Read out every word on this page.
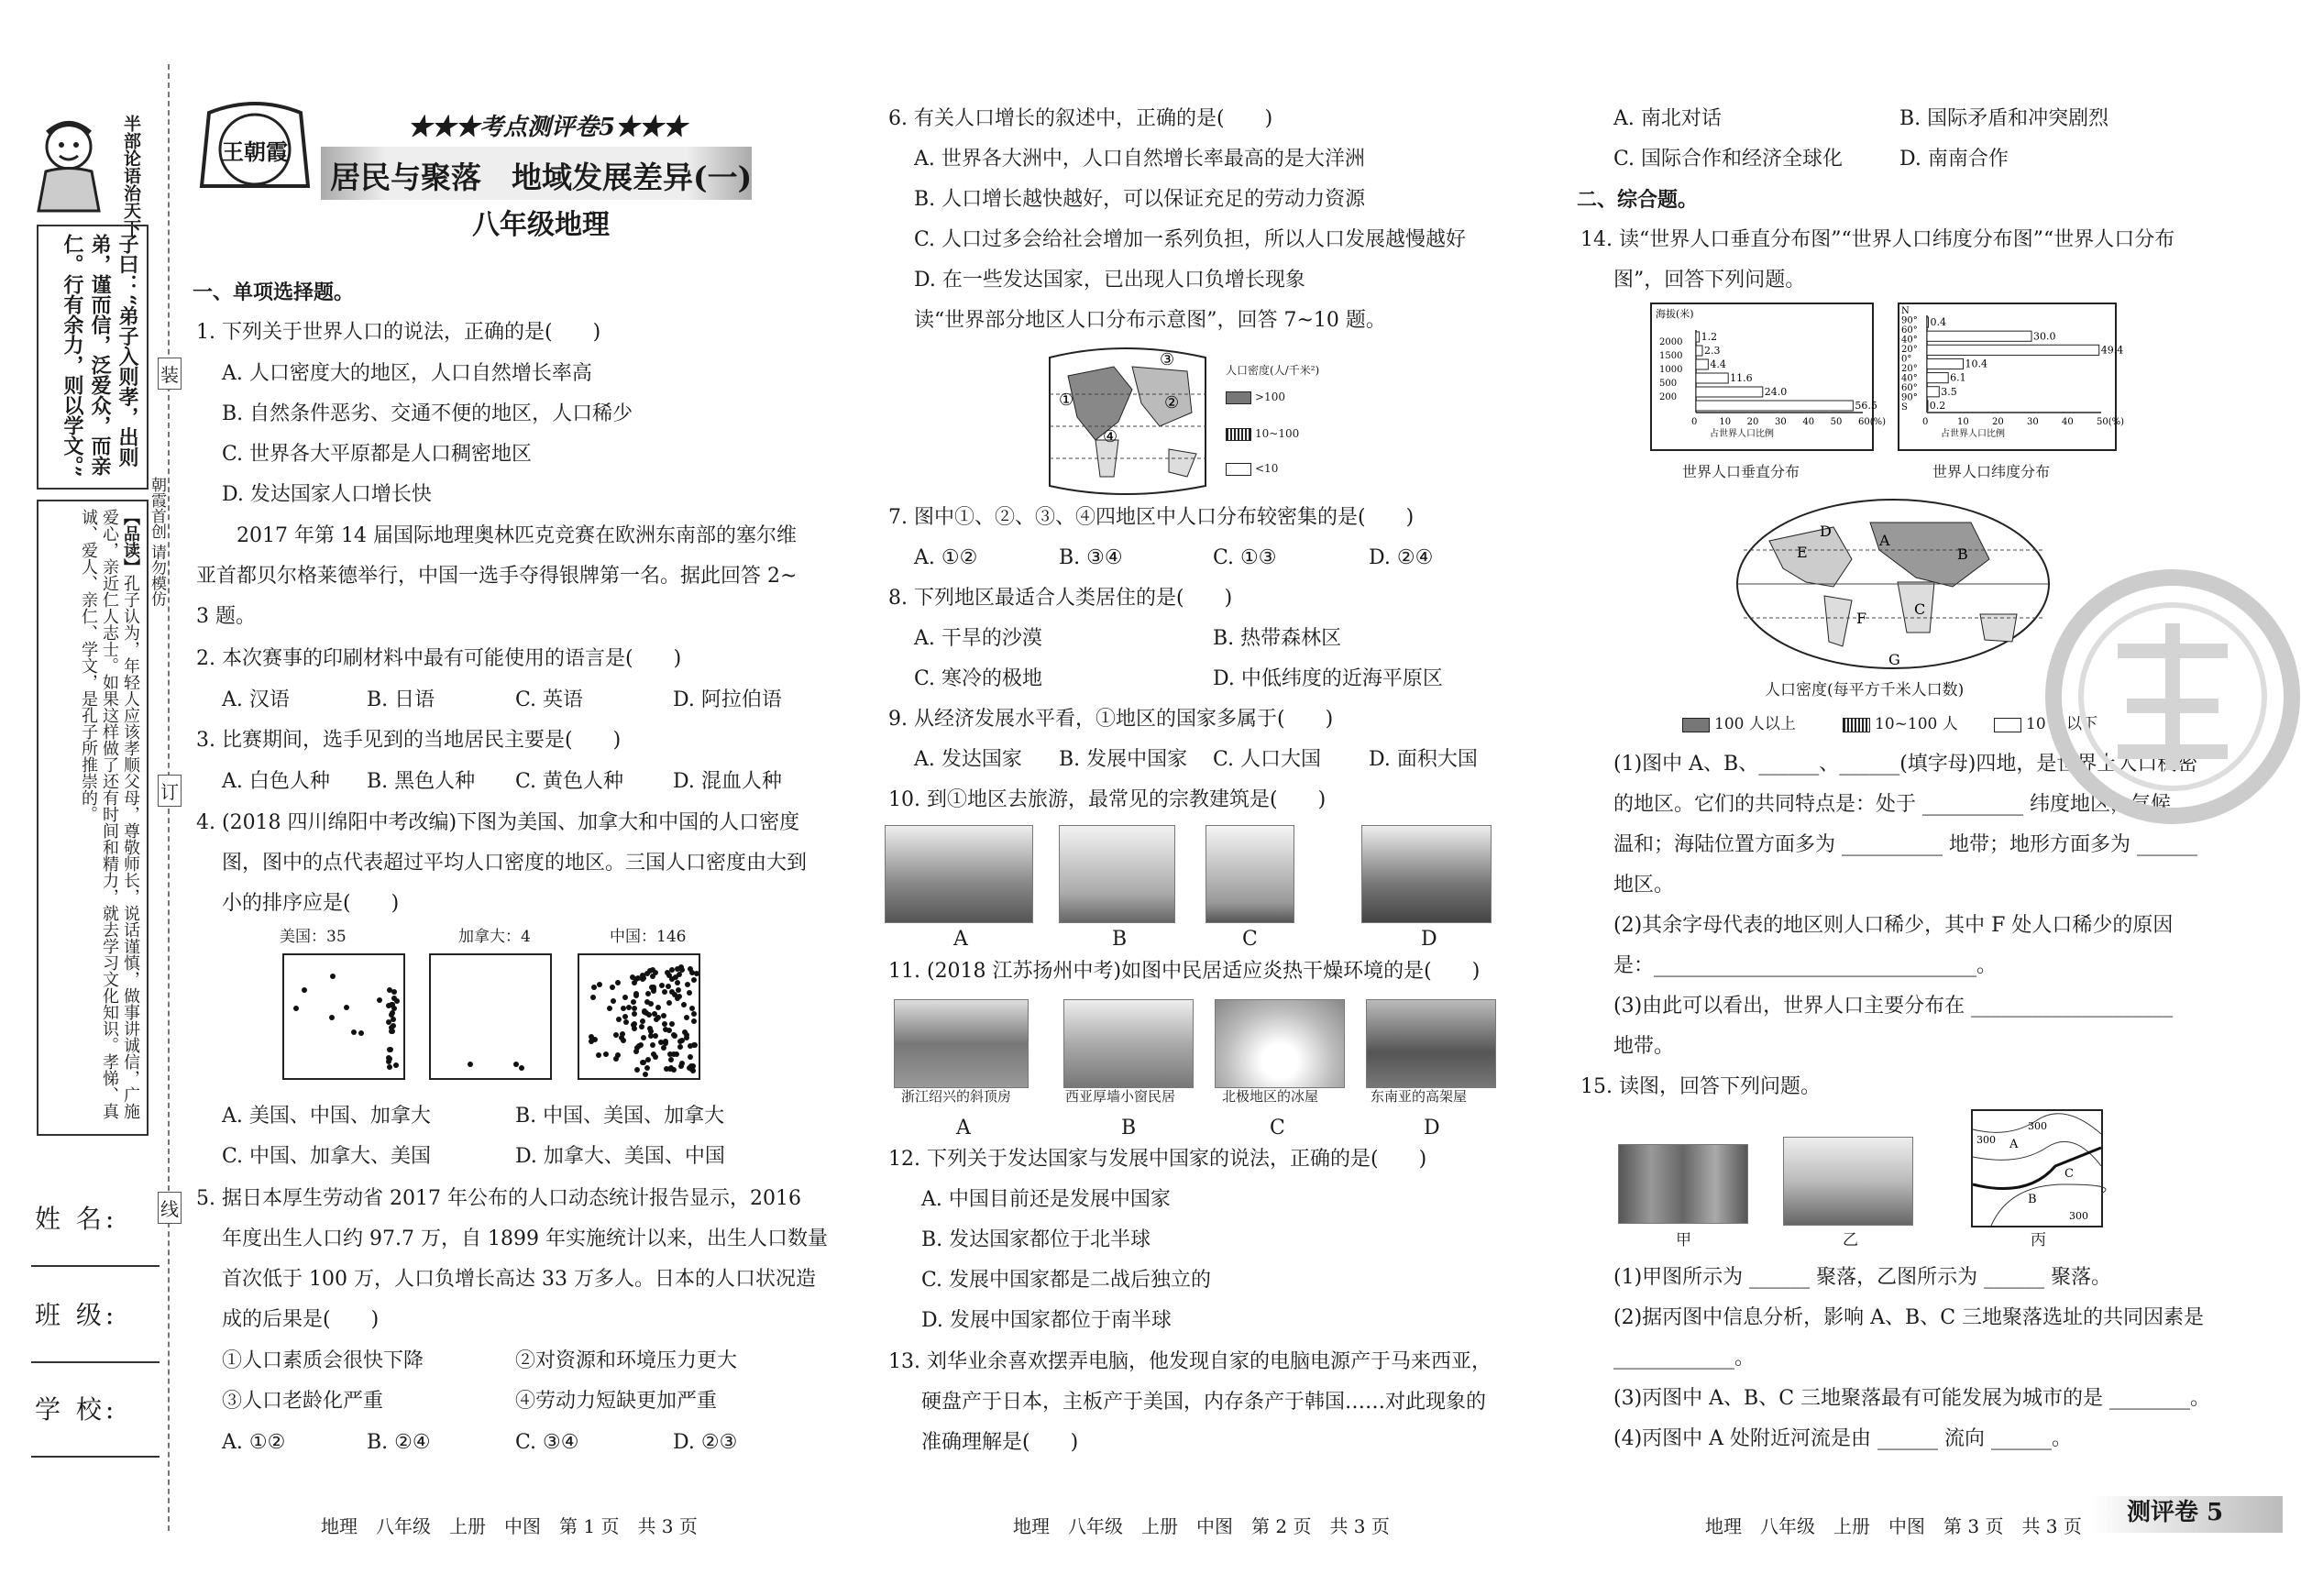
半部论语治天下
子曰：“弟子入则孝，出则弟，谨而信，泛爱众，而亲仁。行有余力，则以学文。”
【品读】孔子认为，年轻人应该孝顺父母，尊敬师长，说话谨慎，做事讲诚信，广施爱心，亲近仁人志士。如果这样做了还有时间和精力，就去学习文化知识。孝悌、真诚、爱人、亲仁、学文，是孔子所推崇的。
姓 名:
班 级:
学 校:
装
订
线
朝霞首创 请勿模仿
王朝霞
★★★考点测评卷5★★★
居民与聚落　地域发展差异(一)
八年级地理
一、单项选择题。
1. 下列关于世界人口的说法，正确的是(　　)
A. 人口密度大的地区，人口自然增长率高
B. 自然条件恶劣、交通不便的地区，人口稀少
C. 世界各大平原都是人口稠密地区
D. 发达国家人口增长快
2017 年第 14 届国际地理奥林匹克竞赛在欧洲东南部的塞尔维
亚首都贝尔格莱德举行，中国一选手夺得银牌第一名。据此回答 2~
3 题。
2. 本次赛事的印刷材料中最有可能使用的语言是(　　)
A. 汉语	B. 日语	C. 英语	D. 阿拉伯语
3. 比赛期间，选手见到的当地居民主要是(　　)
A. 白色人种 B. 黑色人种 C. 黄色人种 D. 混血人种
4. (2018 四川绵阳中考改编)下图为美国、加拿大和中国的人口密度
图，图中的点代表超过平均人口密度的地区。三国人口密度由大到
小的排序应是(　　)
美国：35	加拿大：4	中国：146
A. 美国、中国、加拿大	B. 中国、美国、加拿大
C. 中国、加拿大、美国	D. 加拿大、美国、中国
5. 据日本厚生劳动省 2017 年公布的人口动态统计报告显示，2016
年度出生人口约 97.7 万，自 1899 年实施统计以来，出生人口数量
首次低于 100 万，人口负增长高达 33 万多人。日本的人口状况造
成的后果是(　　)
①人口素质会很快下降	②对资源和环境压力更大
③人口老龄化严重	④劳动力短缺更加严重
A. ①②	B. ②④	C. ③④	D. ②③
地理　八年级　上册　中图　第 1 页　共 3 页
6. 有关人口增长的叙述中，正确的是(　　)
A. 世界各大洲中，人口自然增长率最高的是大洋洲
B. 人口增长越快越好，可以保证充足的劳动力资源
C. 人口过多会给社会增加一系列负担，所以人口发展越慢越好
D. 在一些发达国家，已出现人口负增长现象
读“世界部分地区人口分布示意图”，回答 7~10 题。
①
④
③
②
人口密度(人/千米²)
>100
10~100
<10
7. 图中①、②、③、④四地区中人口分布较密集的是(　　)
A. ①②	B. ③④	C. ①③	D. ②④
8. 下列地区最适合人类居住的是(　　)
A. 干旱的沙漠	B. 热带森林区
C. 寒冷的极地	D. 中低纬度的近海平原区
9. 从经济发展水平看，①地区的国家多属于(　　)
A. 发达国家 B. 发展中国家 C. 人口大国 D. 面积大国
10. 到①地区去旅游，最常见的宗教建筑是(　　)
A	B	C	D
11. (2018 江苏扬州中考)如图中民居适应炎热干燥环境的是(　　)
浙江绍兴的斜顶房	西亚厚墙小窗民居	北极地区的冰屋	东南亚的高架屋
A	B	C	D
12. 下列关于发达国家与发展中国家的说法，正确的是(　　)
A. 中国目前还是发展中国家
B. 发达国家都位于北半球
C. 发展中国家都是二战后独立的
D. 发展中国家都位于南半球
13. 刘华业余喜欢摆弄电脑，他发现自家的电脑电源产于马来西亚，
硬盘产于日本，主板产于美国，内存条产于韩国……对此现象的
准确理解是(　　)
地理　八年级　上册　中图　第 2 页　共 3 页
A. 南北对话	B. 国际矛盾和冲突剧烈
C. 国际合作和经济全球化	D. 南南合作
二、综合题。
14. 读“世界人口垂直分布图”“世界人口纬度分布图”“世界人口分布
图”，回答下列问题。
1.2
2.3
4.4
11.6
24.0
56.5
0 10 20 30 40 50 60(%)
2000
1500
1000
500
200
海拔(米)
占世界人口比例
世界人口垂直分布
0.4
30.0
49.4
10.4
6.1
3.5
0.2
0	10	20	30	40	50(%)
N
90°
60°
40°
20°
0°
20°
40°
60°
90°
S
占世界人口比例
世界人口纬度分布
E
A
B
D
C
F
G
人口密度(每平方千米人口数)
100 人以上	10~100 人	10 人以下
(1)图中 A、B、______、______(填字母)四地，是世界上人口稠密
的地区。它们的共同特点是：处于 __________ 纬度地区，气候
温和；海陆位置方面多为 __________ 地带；地形方面多为 ______
地区。
(2)其余字母代表的地区则人口稀少，其中 F 处人口稀少的原因
是：________________________________。
(3)由此可以看出，世界人口主要分布在 ____________________
地带。
15. 读图，回答下列问题。
300
300 A
C
B
300
甲	乙	丙
(1)甲图所示为 ______ 聚落，乙图所示为 ______ 聚落。
(2)据丙图中信息分析，影响 A、B、C 三地聚落选址的共同因素是
____________。
(3)丙图中 A、B、C 三地聚落最有可能发展为城市的是 ________。
(4)丙图中 A 处附近河流是由 ______ 流向 ______。
地理　八年级　上册　中图　第 3 页　共 3 页 测评卷 5
